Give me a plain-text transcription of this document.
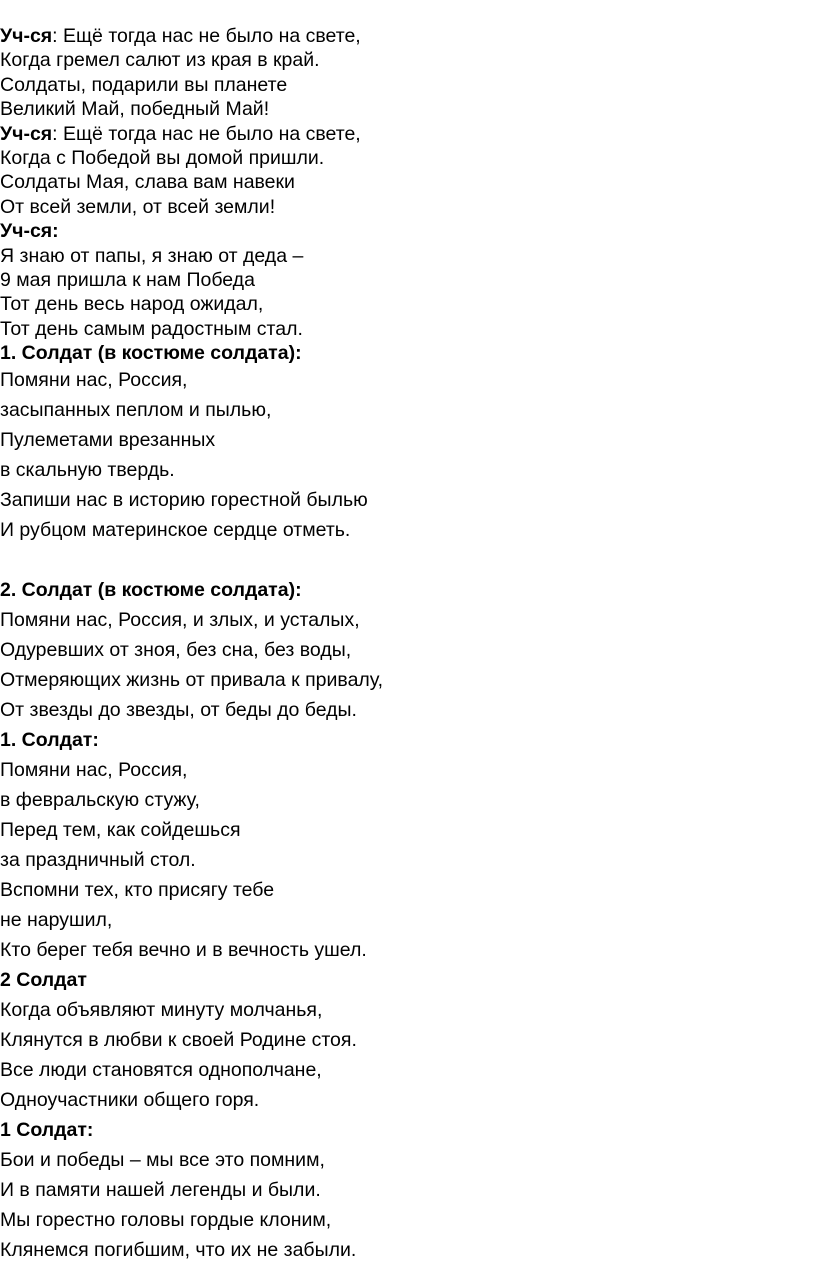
Уч-ся: Ещё тогда нас не было на свете,

Когда гремел салют из края в край.

Солдаты, подарили вы планете

Великий Май, победный Май!

Уч-ся: Ещё тогда нас не было на свете,

Когда с Победой вы домой пришли.

Солдаты Мая, слава вам навеки

От всей земли, от всей земли!

Уч-ся:

Я знаю от папы, я знаю от деда –

9 мая пришла к нам Победа

Тот день весь народ ожидал,

Тот день самым радостным стал.

1. Солдат (в костюме солдата):

Помяни нас, Россия,

засыпанных пеплом и пылью,

Пулеметами врезанных

в скальную твердь.

Запиши нас в историю горестной былью

И рубцом материнское сердце отметь.

2. Солдат (в костюме солдата):

Помяни нас, Россия, и злых, и усталых,

Одуревших от зноя, без сна, без воды,

Отмеряющих жизнь от привала к привалу,

От звезды до звезды, от беды до беды.

1. Солдат:

Помяни нас, Россия,

в февральскую стужу,

Перед тем, как сойдешься

за праздничный стол.

Вспомни тех, кто присягу тебе

не нарушил,

Кто берег тебя вечно и в вечность ушел.

2 Солдат

Когда объявляют минуту молчанья,

Клянутся в любви к своей Родине стоя.

Все люди становятся однополчане,

Одноучастники общего горя.

1 Солдат:

Бои и победы – мы все это помним,

И в памяти нашей легенды и были.

Мы горестно головы гордые клоним,

Клянемся погибшим, что их не забыли.
